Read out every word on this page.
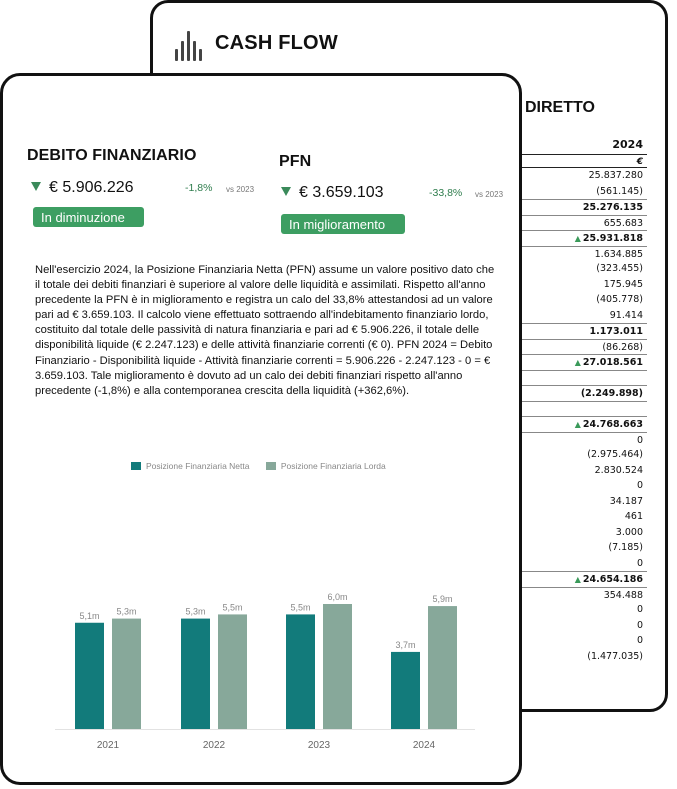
CASH FLOW
DIRETTO
2024
€
25.837.280
(561.145)
25.276.135
655.683
▲ 25.931.818
1.634.885
(323.455)
175.945
(405.778)
91.414
1.173.011
(86.268)
▲ 27.018.561
(2.249.898)
▲ 24.768.663
0
(2.975.464)
2.830.524
0
34.187
461
3.000
(7.185)
0
▲ 24.654.186
354.488
0
0
0
(1.477.035)
DEBITO FINANZIARIO
€ 5.906.226	-1,8% vs 2023
In diminuzione
PFN
€ 3.659.103	-33,8% vs 2023
In miglioramento
Nell'esercizio 2024, la Posizione Finanziaria Netta (PFN) assume un valore positivo dato che il totale dei debiti finanziari è superiore al valore delle liquidità e assimilati. Rispetto all'anno precedente la PFN è in miglioramento e registra un calo del 33,8% attestandosi ad un valore pari ad € 3.659.103. Il calcolo viene effettuato sottraendo all'indebitamento finanziario lordo, costituito dal totale delle passività di natura finanziaria e pari ad € 5.906.226, il totale delle disponibilità liquide (€ 2.247.123) e delle attività finanziarie correnti (€ 0). PFN 2024 = Debito Finanziario - Disponibilità liquide - Attività finanziarie correnti = 5.906.226 - 2.247.123 - 0 = € 3.659.103. Tale miglioramento è dovuto ad un calo dei debiti finanziari rispetto all'anno precedente (-1,8%) e alla contemporanea crescita della liquidità (+362,6%).
Posizione Finanziaria Netta	Posizione Finanziaria Lorda
5,1m 5,3m
2021
5,3m 5,5m
2022
5,5m
6,0m
2023
3,7m
5,9m
2024
